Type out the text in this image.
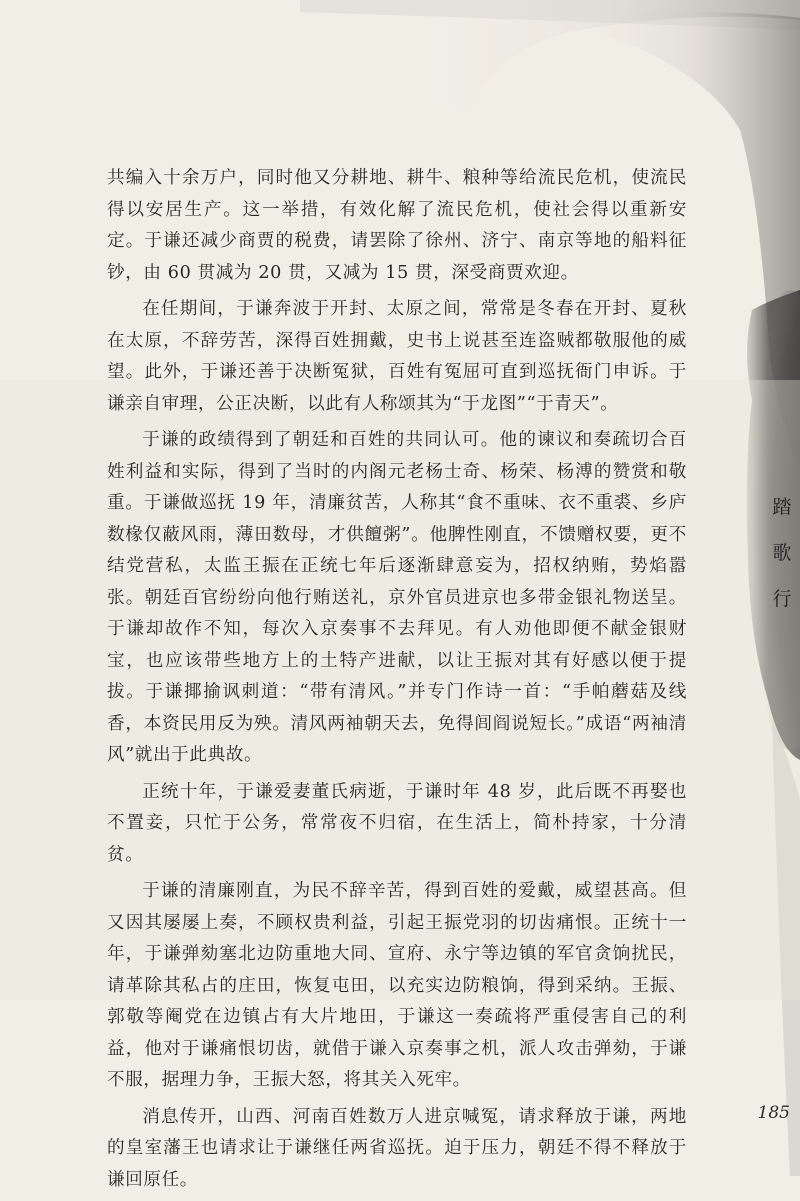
共编入十余万户，同时他又分耕地、耕牛、粮种等给流民危机，使流民得以安居生产。这一举措，有效化解了流民危机，使社会得以重新安定。于谦还减少商贾的税费，请罢除了徐州、济宁、南京等地的船料征钞，由 60 贯减为 20 贯，又减为 15 贯，深受商贾欢迎。

在任期间，于谦奔波于开封、太原之间，常常是冬春在开封、夏秋在太原，不辞劳苦，深得百姓拥戴，史书上说甚至连盗贼都敬服他的威望。此外，于谦还善于决断冤狱，百姓有冤屈可直到巡抚衙门申诉。于谦亲自审理，公正决断，以此有人称颂其为“于龙图”“于青天”。

于谦的政绩得到了朝廷和百姓的共同认可。他的谏议和奏疏切合百姓利益和实际，得到了当时的内阁元老杨士奇、杨荣、杨溥的赞赏和敬重。于谦做巡抚 19 年，清廉贫苦，人称其“食不重味、衣不重裘、乡庐数椽仅蔽风雨，薄田数母，才供饘粥”。他脾性刚直，不馈赠权要，更不结党营私，太监王振在正统七年后逐渐肆意妄为，招权纳贿，势焰嚣张。朝廷百官纷纷向他行贿送礼，京外官员进京也多带金银礼物送呈。于谦却故作不知，每次入京奏事不去拜见。有人劝他即便不献金银财宝，也应该带些地方上的土特产进献，以让王振对其有好感以便于提拔。于谦揶揄讽刺道：“带有清风。”并专门作诗一首：“手帕蘑菇及线香，本资民用反为殃。清风两袖朝天去，免得闾阎说短长。”成语“两袖清风”就出于此典故。

正统十年，于谦爱妻董氏病逝，于谦时年 48 岁，此后既不再娶也不置妾，只忙于公务，常常夜不归宿，在生活上，简朴持家，十分清贫。

于谦的清廉刚直，为民不辞辛苦，得到百姓的爱戴，威望甚高。但又因其屡屡上奏，不顾权贵利益，引起王振党羽的切齿痛恨。正统十一年，于谦弹劾塞北边防重地大同、宣府、永宁等边镇的军官贪饷扰民，请革除其私占的庄田，恢复屯田，以充实边防粮饷，得到采纳。王振、郭敬等阉党在边镇占有大片地田，于谦这一奏疏将严重侵害自己的利益，他对于谦痛恨切齿，就借于谦入京奏事之机，派人攻击弹劾，于谦不服，据理力争，王振大怒，将其关入死牢。

消息传开，山西、河南百姓数万人进京喊冤，请求释放于谦，两地的皇室藩王也请求让于谦继任两省巡抚。迫于压力，朝廷不得不释放于谦回原任。

踏
歌
行
185
